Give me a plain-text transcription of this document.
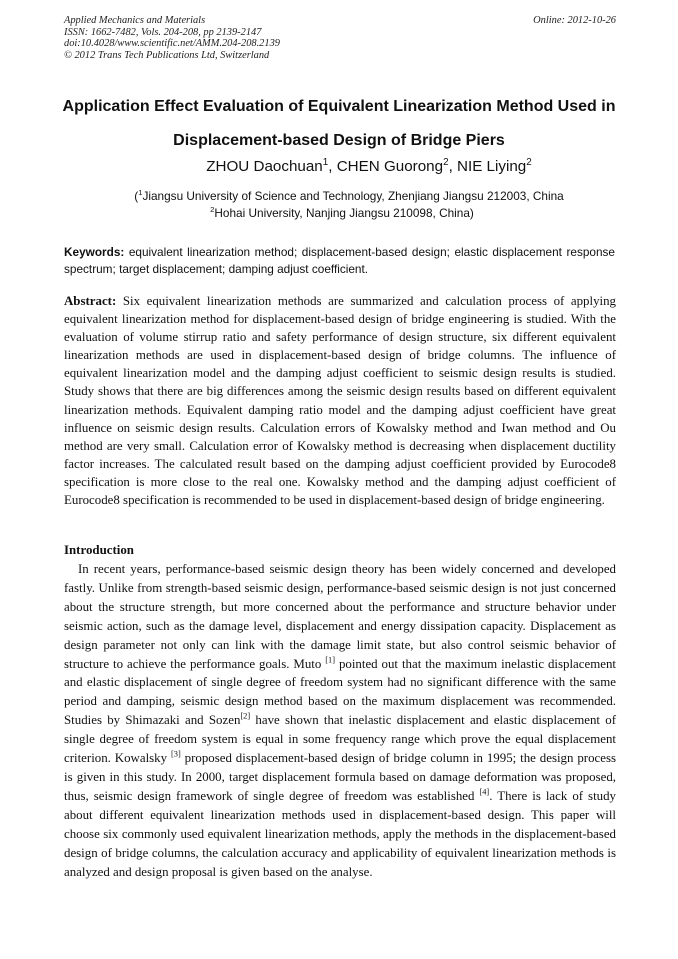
Applied Mechanics and Materials
ISSN: 1662-7482, Vols. 204-208, pp 2139-2147
doi:10.4028/www.scientific.net/AMM.204-208.2139
© 2012 Trans Tech Publications Ltd, Switzerland
Online: 2012-10-26
Application Effect Evaluation of Equivalent Linearization Method Used in
Displacement-based Design of Bridge Piers
ZHOU Daochuan$^1$, CHEN Guorong$^2$, NIE Liying$^2$
($^1$Jiangsu University of Science and Technology, Zhenjiang Jiangsu 212003, China
$^2$Hohai University, Nanjing Jiangsu 210098, China)
Keywords: equivalent linearization method; displacement-based design; elastic displacement response spectrum; target displacement; damping adjust coefficient.
Abstract: Six equivalent linearization methods are summarized and calculation process of applying equivalent linearization method for displacement-based design of bridge engineering is studied. With the evaluation of volume stirrup ratio and safety performance of design structure, six different equivalent linearization methods are used in displacement-based design of bridge columns. The influence of equivalent linearization model and the damping adjust coefficient to seismic design results is studied. Study shows that there are big differences among the seismic design results based on different equivalent linearization methods. Equivalent damping ratio model and the damping adjust coefficient have great influence on seismic design results. Calculation errors of Kowalsky method and Iwan method and Ou method are very small. Calculation error of Kowalsky method is decreasing when displacement ductility factor increases. The calculated result based on the damping adjust coefficient provided by Eurocode8 specification is more close to the real one. Kowalsky method and the damping adjust coefficient of Eurocode8 specification is recommended to be used in displacement-based design of bridge engineering.
Introduction
In recent years, performance-based seismic design theory has been widely concerned and developed fastly. Unlike from strength-based seismic design, performance-based seismic design is not just concerned about the structure strength, but more concerned about the performance and structure behavior under seismic action, such as the damage level, displacement and energy dissipation capacity. Displacement as design parameter not only can link with the damage limit state, but also control seismic behavior of structure to achieve the performance goals. Muto [1] pointed out that the maximum inelastic displacement and elastic displacement of single degree of freedom system had no significant difference with the same period and damping, seismic design method based on the maximum displacement was recommended. Studies by Shimazaki and Sozen[2] have shown that inelastic displacement and elastic displacement of single degree of freedom system is equal in some frequency range which prove the equal displacement criterion. Kowalsky [3] proposed displacement-based design of bridge column in 1995; the design process is given in this study. In 2000, target displacement formula based on damage deformation was proposed, thus, seismic design framework of single degree of freedom was established [4]. There is lack of study about different equivalent linearization methods used in displacement-based design. This paper will choose six commonly used equivalent linearization methods, apply the methods in the displacement-based design of bridge columns, the calculation accuracy and applicability of equivalent linearization methods is analyzed and design proposal is given based on the analyse.
